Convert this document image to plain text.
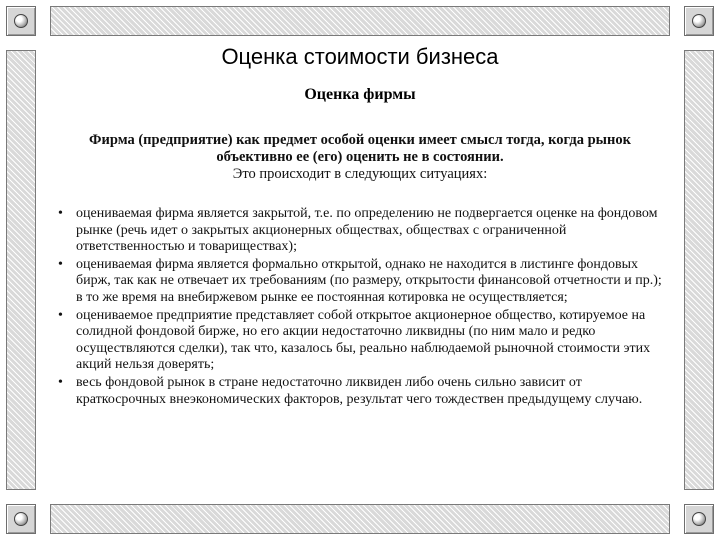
Оценка стоимости бизнеса
Оценка фирмы
Фирма (предприятие) как предмет особой оценки имеет смысл тогда, когда рынок объективно ее (его) оценить не в состоянии.
Это происходит в следующих ситуациях:
• оцениваемая фирма является закрытой, т.е. по определению не подвергается оценке на фондовом рынке (речь идет о закрытых акционерных обществах, обществах с ограниченной ответственностью и товариществах);
• оцениваемая фирма является формально открытой, однако не находится в листинге фондовых бирж, так как не отвечает их требованиям (по размеру, открытости финансовой отчетности и пр.); в то же время на внебиржевом рынке ее постоянная котировка не осуществляется;
• оцениваемое предприятие представляет собой открытое акционерное общество, котируемое на солидной фондовой бирже, но его акции недостаточно ликвидны (по ним мало и редко осуществляются сделки), так что, казалось бы, реально наблюдаемой рыночной стоимости этих акций нельзя доверять;
• весь фондовой рынок в стране недостаточно ликвиден либо очень сильно зависит от краткосрочных внеэкономических факторов, результат чего тождествен предыдущему случаю.
